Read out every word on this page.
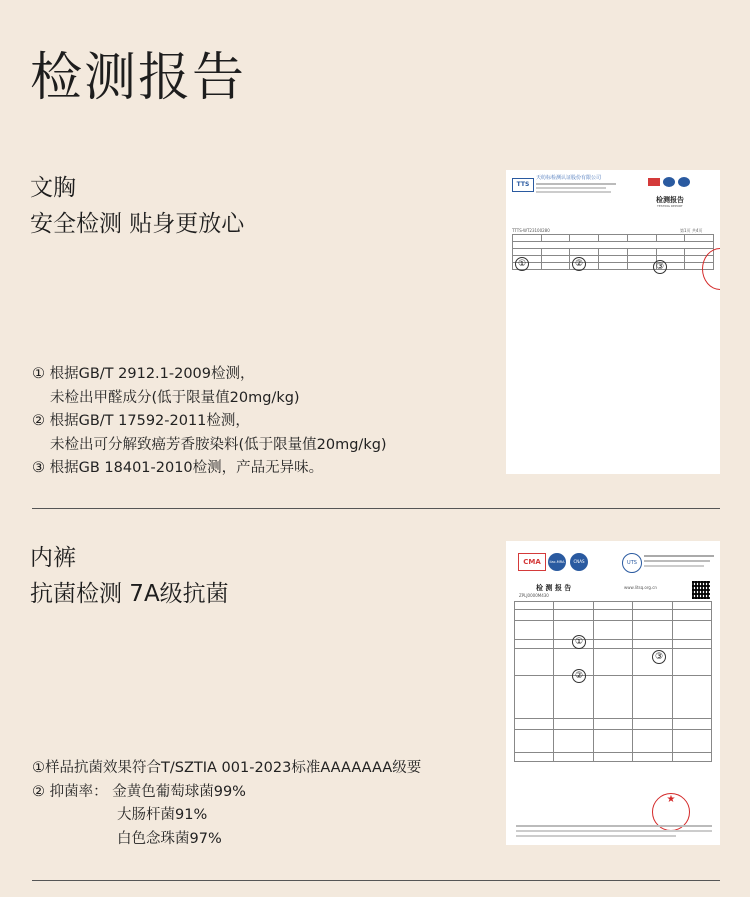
检测报告
文胸
安全检测 贴身更放心
① 根据GB/T 2912.1-2009检测，
未检出甲醛成分(低于限量值20mg/kg)
② 根据GB/T 17592-2011检测，
未检出可分解致癌芳香胺染料(低于限量值20mg/kg)
③ 根据GB 18401-2010检测，产品无异味。
TTS
天纺标检测认证股份有限公司
检测报告
TESTING REPORT
TTTS-WT23100280	第1页 共4页

①	②	③
内裤
抗菌检测 7A级抗菌
①样品抗菌效果符合T/SZTIA 001-2023标准AAAAAAA级要
② 抑菌率： 金黄色葡萄球菌99%
大肠杆菌91%
白色念珠菌97%
CMA	ilac-MRA	CNAS	UTS
检 测 报 告
ZPLJ0000M430
www.litsq.org.cn

①
②
③
★
